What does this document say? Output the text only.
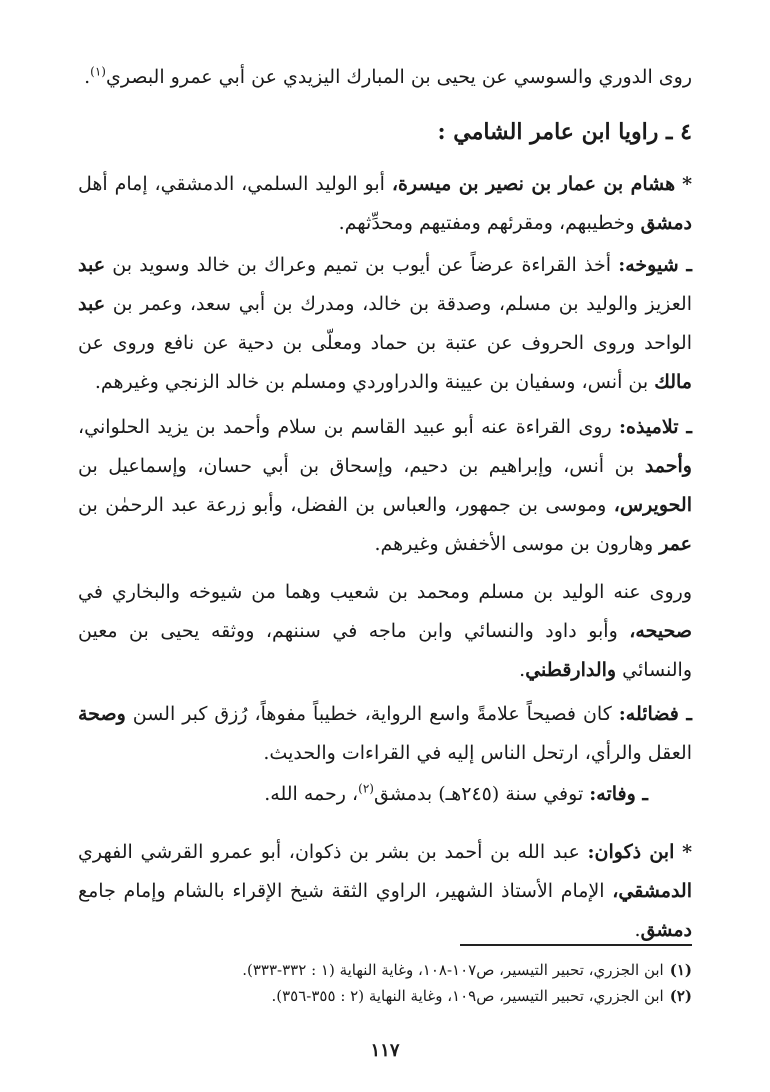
روى الدوري والسوسي عن يحيى بن المبارك اليزيدي عن أبي عمرو البصري$^{(١)}$.

٤ ـ راويا ابن عامر الشامي :

* هشام بن عمار بن نصير بن ميسرة، أبو الوليد السلمي، الدمشقي، إمام أهل دمشق وخطيبهم، ومقرئهم ومفتيهم ومحدِّثهم.

ـ شيوخه: أخذ القراءة عرضاً عن أيوب بن تميم وعراك بن خالد وسويد بن عبد العزيز والوليد بن مسلم، وصدقة بن خالد، ومدرك بن أبي سعد، وعمر بن عبد الواحد وروى الحروف عن عتبة بن حماد ومعلّى بن دحية عن نافع وروى عن مالك بن أنس، وسفيان بن عيينة والدراوردي ومسلم بن خالد الزنجي وغيرهم.

ـ تلاميذه: روى القراءة عنه أبو عبيد القاسم بن سلام وأحمد بن يزيد الحلواني، وأحمد بن أنس، وإبراهيم بن دحيم، وإسحاق بن أبي حسان، وإسماعيل بن الحويرس، وموسى بن جمهور، والعباس بن الفضل، وأبو زرعة عبد الرحمٰن بن عمر وهارون بن موسى الأخفش وغيرهم.

وروى عنه الوليد بن مسلم ومحمد بن شعيب وهما من شيوخه والبخاري في صحيحه، وأبو داود والنسائي وابن ماجه في سننهم، ووثقه يحيى بن معين والنسائي والدارقطني.

ـ فضائله: كان فصيحاً علامةً واسع الرواية، خطيباً مفوهاً، رُزق كبر السن وصحة العقل والرأي، ارتحل الناس إليه في القراءات والحديث.

ـ وفاته: توفي سنة (٢٤٥هـ) بدمشق$^{(٢)}$، رحمه الله.

* ابن ذكوان: عبد الله بن أحمد بن بشر بن ذكوان، أبو عمرو القرشي الفهري الدمشقي، الإمام الأستاذ الشهير، الراوي الثقة شيخ الإقراء بالشام وإمام جامع دمشق.

(١)ابن الجزري، تحبير التيسير، ص١٠٧-١٠٨، وغاية النهاية (١ : ٣٣٢-٣٣٣).

(٢)ابن الجزري، تحبير التيسير، ص١٠٩، وغاية النهاية (٢ : ٣٥٥-٣٥٦).

١١٧
